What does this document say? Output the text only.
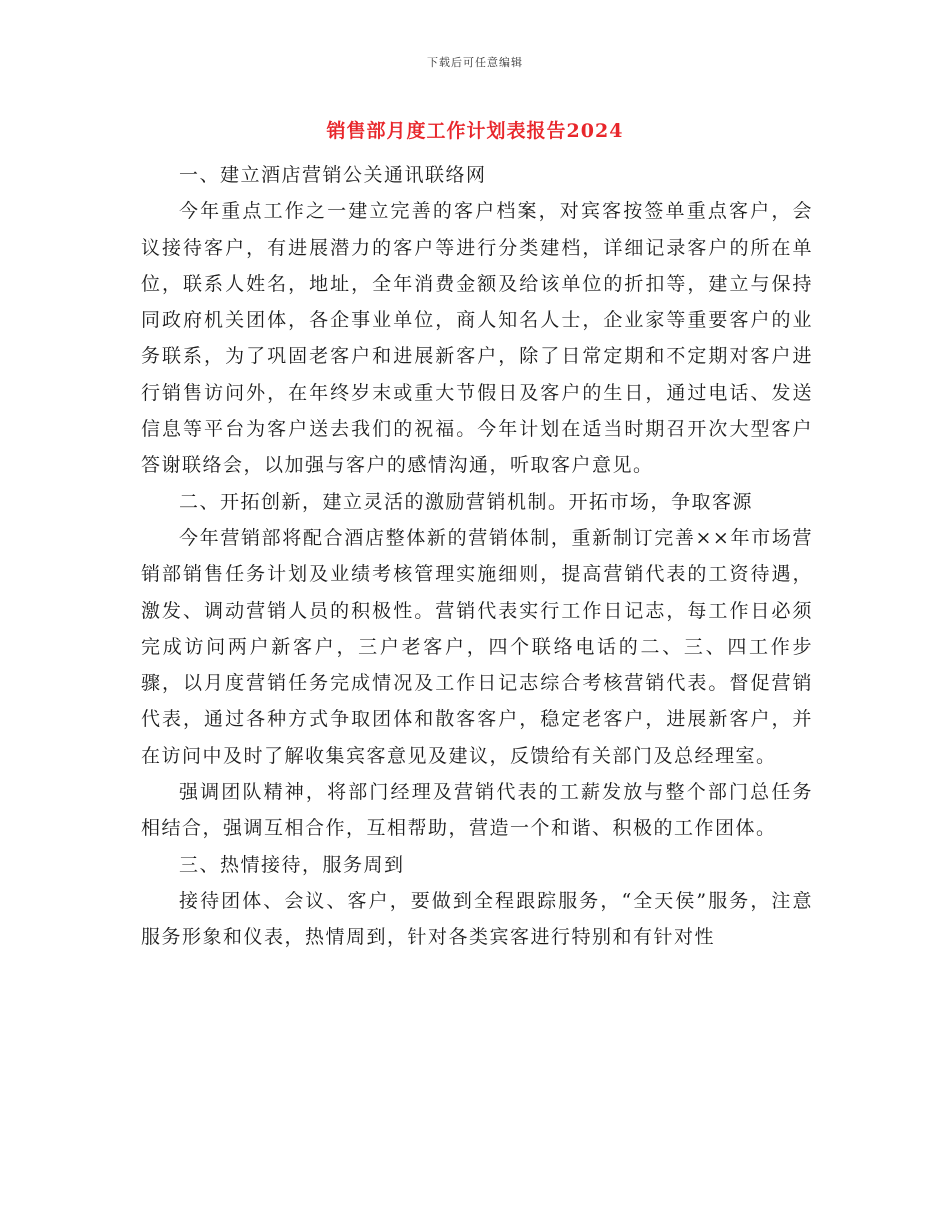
下载后可任意编辑
销售部月度工作计划表报告2024

一、建立酒店营销公关通讯联络网

今年重点工作之一建立完善的客户档案，对宾客按签单重点客户，会议接待客户，有进展潜力的客户等进行分类建档，详细记录客户的所在单位，联系人姓名，地址，全年消费金额及给该单位的折扣等，建立与保持同政府机关团体，各企事业单位，商人知名人士，企业家等重要客户的业务联系，为了巩固老客户和进展新客户，除了日常定期和不定期对客户进行销售访问外，在年终岁末或重大节假日及客户的生日，通过电话、发送信息等平台为客户送去我们的祝福。今年计划在适当时期召开次大型客户答谢联络会，以加强与客户的感情沟通，听取客户意见。

二、开拓创新，建立灵活的激励营销机制。开拓市场，争取客源

今年营销部将配合酒店整体新的营销体制，重新制订完善××年市场营销部销售任务计划及业绩考核管理实施细则，提高营销代表的工资待遇，激发、调动营销人员的积极性。营销代表实行工作日记志，每工作日必须完成访问两户新客户，三户老客户，四个联络电话的二、三、四工作步骤，以月度营销任务完成情况及工作日记志综合考核营销代表。督促营销代表，通过各种方式争取团体和散客客户，稳定老客户，进展新客户，并在访问中及时了解收集宾客意见及建议，反馈给有关部门及总经理室。

强调团队精神，将部门经理及营销代表的工薪发放与整个部门总任务相结合，强调互相合作，互相帮助，营造一个和谐、积极的工作团体。

三、热情接待，服务周到

接待团体、会议、客户，要做到全程跟踪服务，“全天侯”服务，注意服务形象和仪表，热情周到，针对各类宾客进行特别和有针对性
